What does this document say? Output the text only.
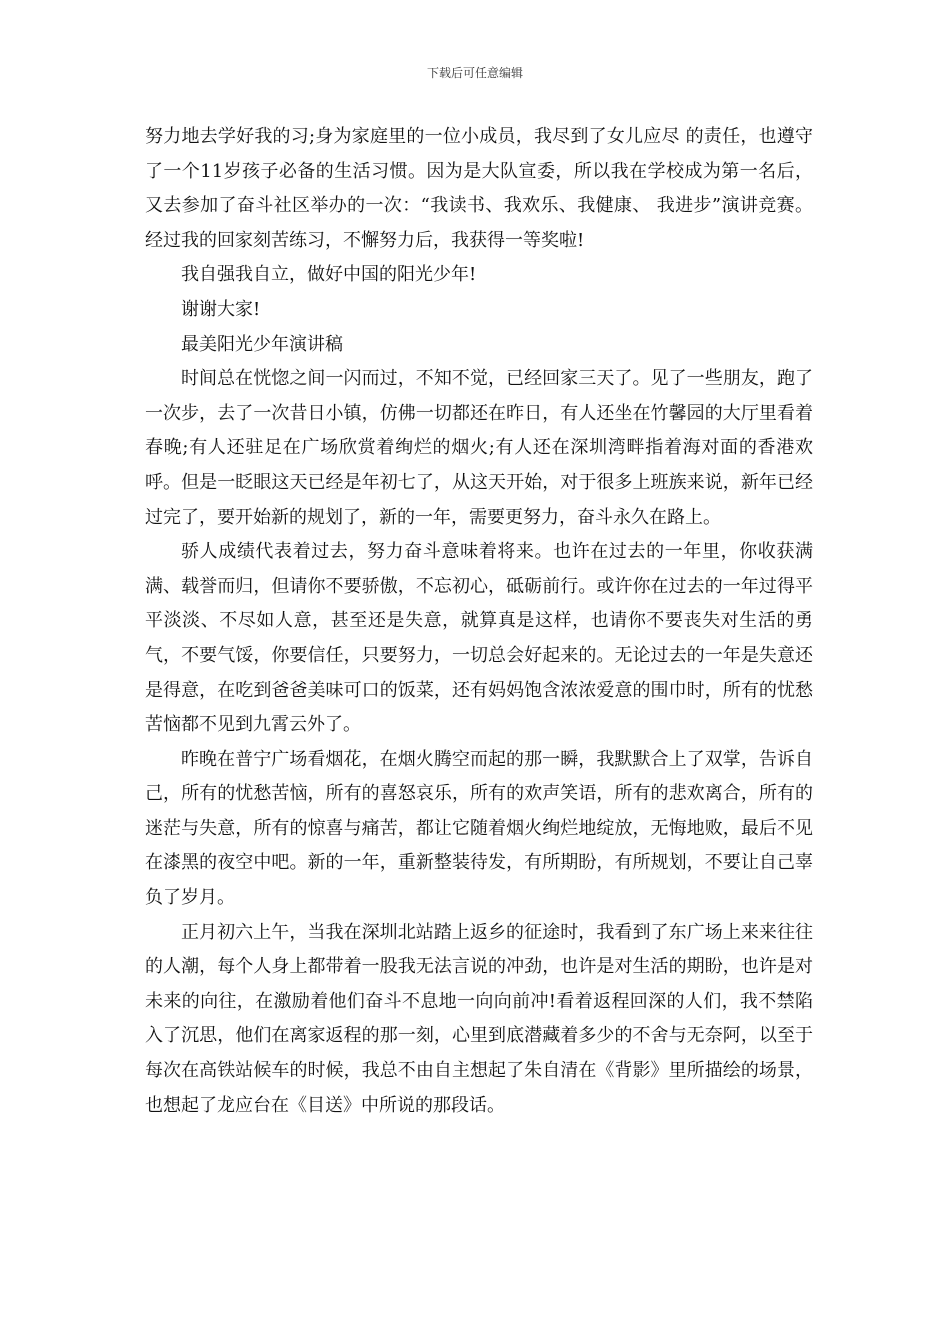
下载后可任意编辑

努力地去学好我的习;身为家庭里的一位小成员，我尽到了女儿应尽 的责任，也遵守了一个11岁孩子必备的生活习惯。因为是大队宣委，所以我在学校成为第一名后，又去参加了奋斗社区举办的一次：“我读书、我欢乐、我健康、 我进步”演讲竞赛。 经过我的回家刻苦练习，不懈努力后，我获得一等奖啦!

我自强我自立，做好中国的阳光少年!

谢谢大家!

最美阳光少年演讲稿

时间总在恍惚之间一闪而过，不知不觉，已经回家三天了。见了一些朋友，跑了一次步，去了一次昔日小镇，仿佛一切都还在昨日，有人还坐在竹馨园的大厅里看着春晚;有人还驻足在广场欣赏着绚烂的烟火;有人还在深圳湾畔指着海对面的香港欢呼。但是一眨眼这天已经是年初七了，从这天开始，对于很多上班族来说，新年已经过完了，要开始新的规划了，新的一年，需要更努力，奋斗永久在路上。

骄人成绩代表着过去，努力奋斗意味着将来。也许在过去的一年里，你收获满满、载誉而归，但请你不要骄傲，不忘初心，砥砺前行。或许你在过去的一年过得平平淡淡、不尽如人意，甚至还是失意，就算真是这样，也请你不要丧失对生活的勇气，不要气馁，你要信任，只要努力，一切总会好起来的。无论过去的一年是失意还是得意，在吃到爸爸美味可口的饭菜，还有妈妈饱含浓浓爱意的围巾时，所有的忧愁苦恼都不见到九霄云外了。

昨晚在普宁广场看烟花，在烟火腾空而起的那一瞬，我默默合上了双掌，告诉自己，所有的忧愁苦恼，所有的喜怒哀乐，所有的欢声笑语，所有的悲欢离合，所有的迷茫与失意，所有的惊喜与痛苦，都让它随着烟火绚烂地绽放，无悔地败，最后不见在漆黑的夜空中吧。新的一年，重新整装待发，有所期盼，有所规划，不要让自己辜负了岁月。

正月初六上午，当我在深圳北站踏上返乡的征途时，我看到了东广场上来来往往的人潮，每个人身上都带着一股我无法言说的冲劲，也许是对生活的期盼，也许是对未来的向往，在激励着他们奋斗不息地一向向前冲!看着返程回深的人们，我不禁陷入了沉思，他们在离家返程的那一刻，心里到底潜藏着多少的不舍与无奈阿，以至于每次在高铁站候车的时候，我总不由自主想起了朱自清在《背影》里所描绘的场景，也想起了龙应台在《目送》中所说的那段话。
